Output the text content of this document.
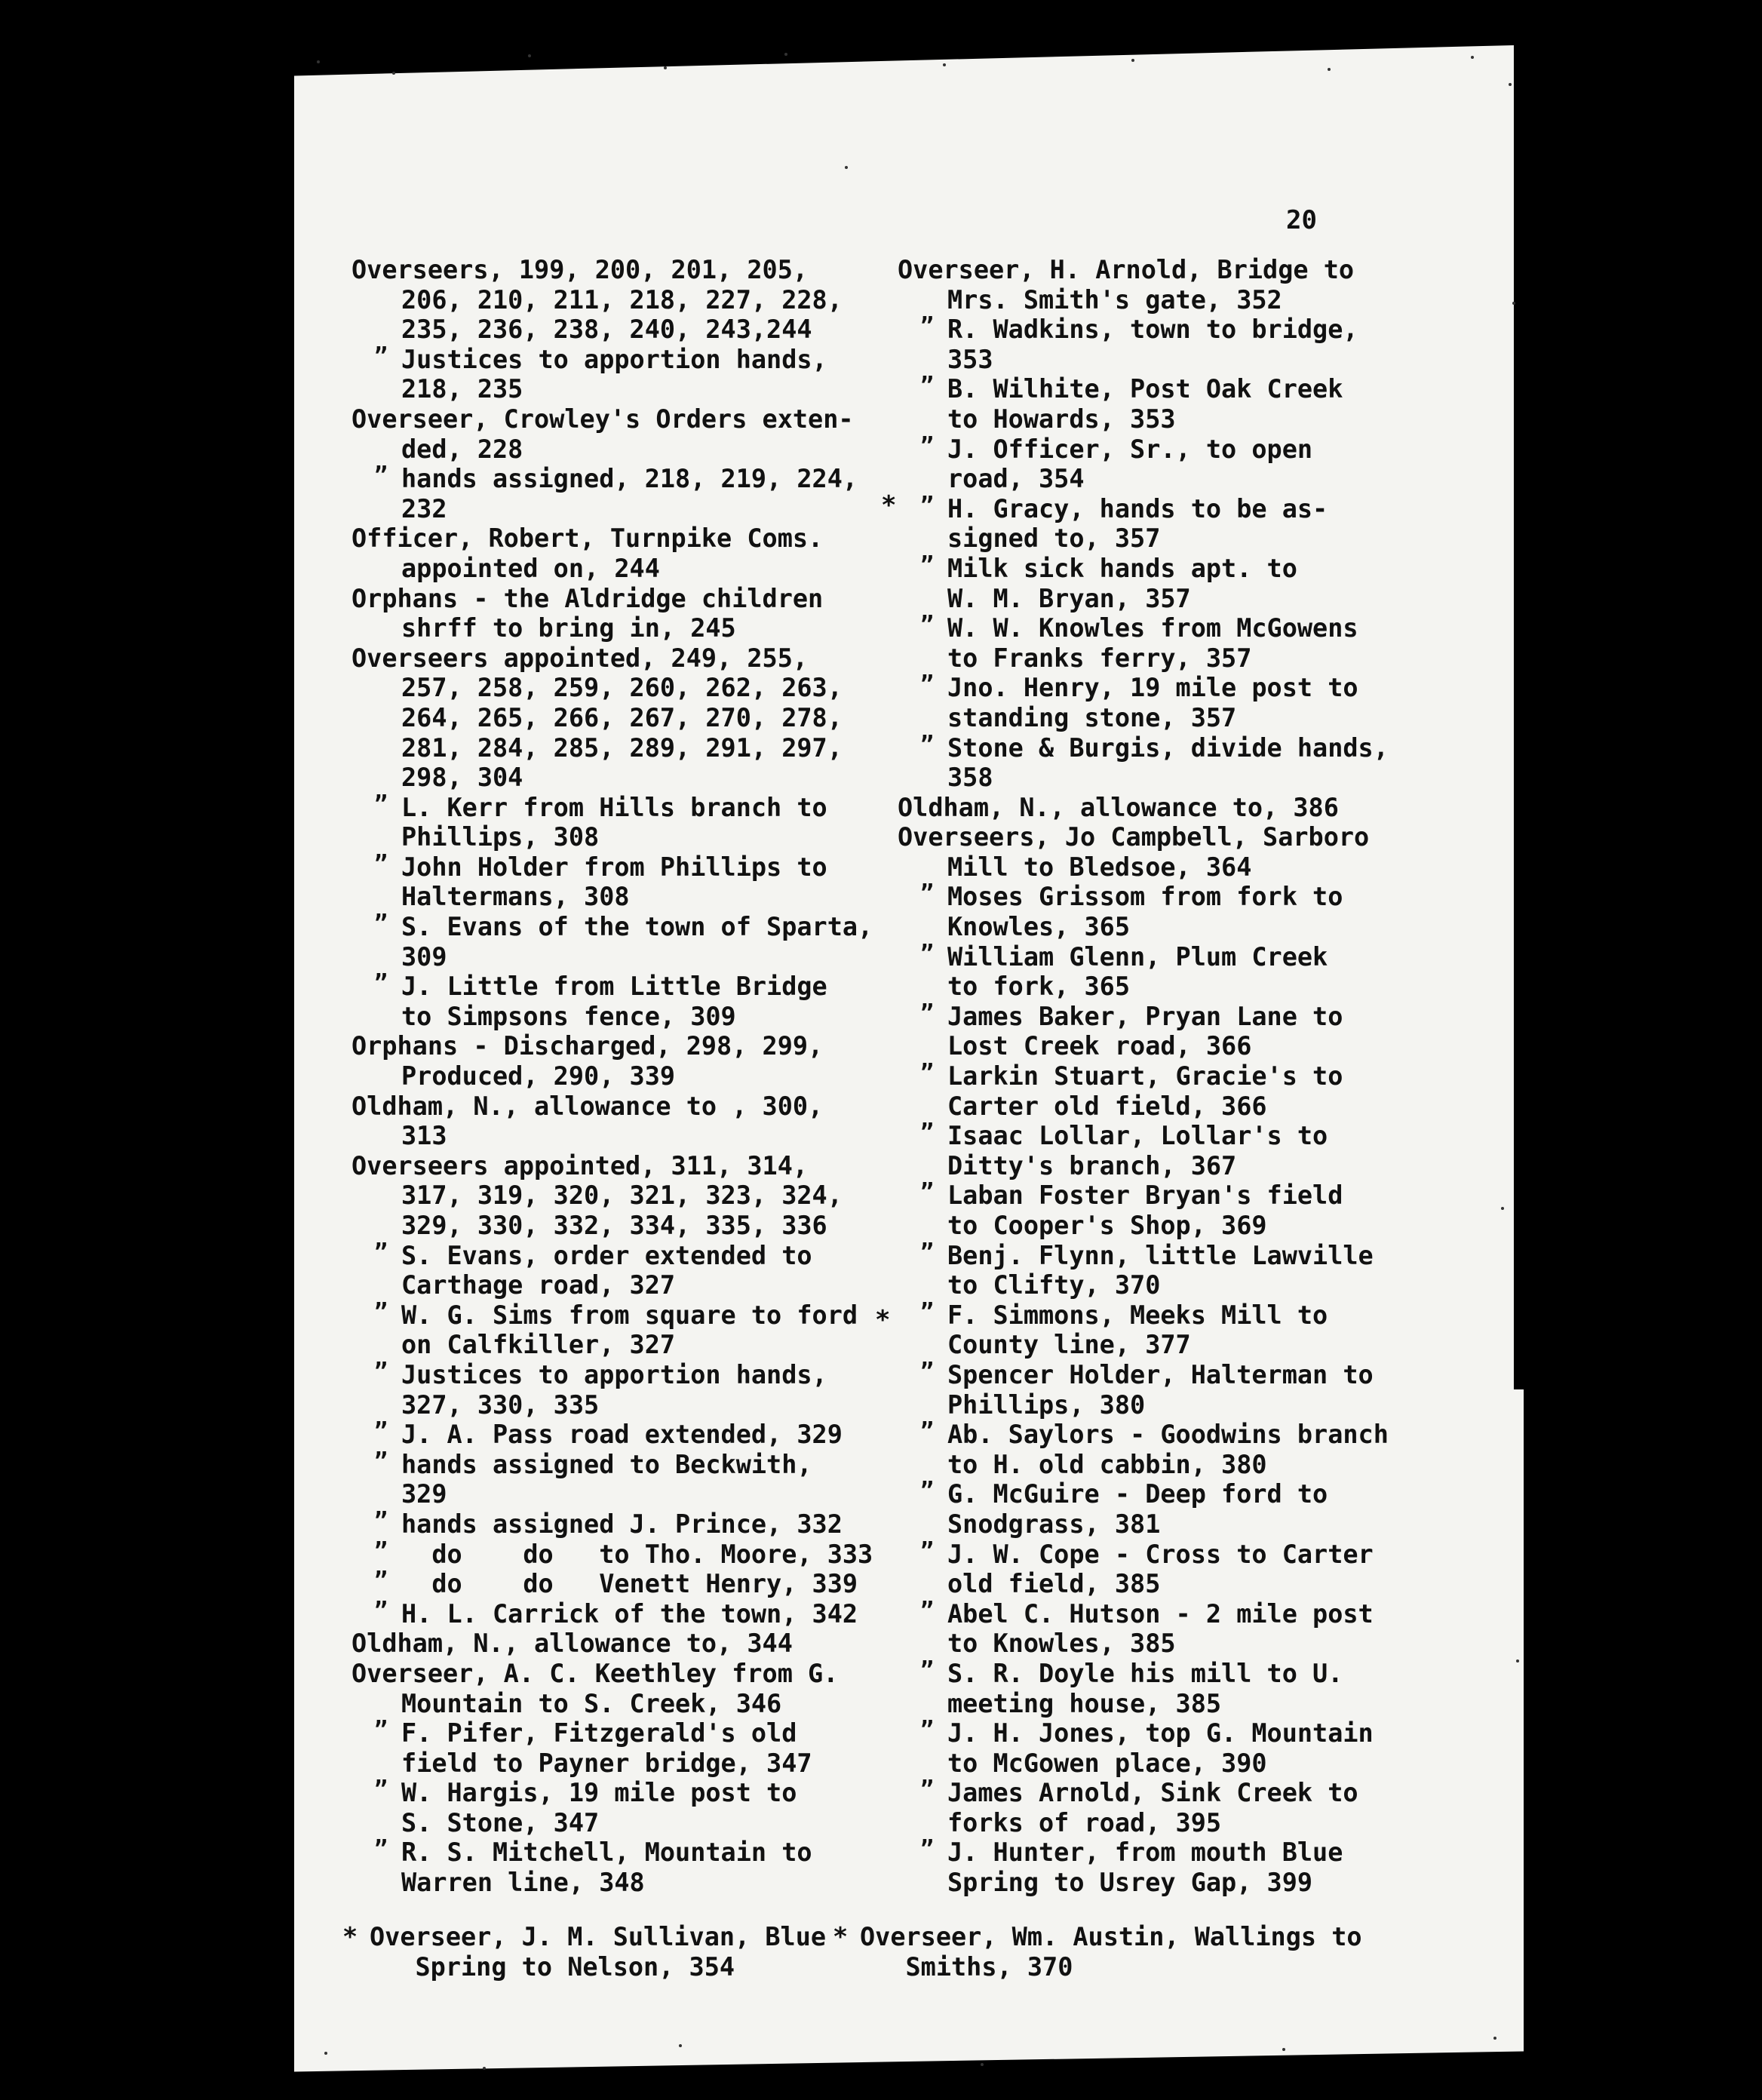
20
Overseers, 199, 200, 201, 205,
206, 210, 211, 218, 227, 228,
235, 236, 238, 240, 243,244
” Justices to apportion hands,
218, 235
Overseer, Crowley's Orders exten-
ded, 228
” hands assigned, 218, 219, 224,
232
Officer, Robert, Turnpike Coms.
appointed on, 244
Orphans - the Aldridge children
shrff to bring in, 245
Overseers appointed, 249, 255,
257, 258, 259, 260, 262, 263,
264, 265, 266, 267, 270, 278,
281, 284, 285, 289, 291, 297,
298, 304
” L. Kerr from Hills branch to
Phillips, 308
” John Holder from Phillips to
Haltermans, 308
” S. Evans of the town of Sparta,
309
” J. Little from Little Bridge
to Simpsons fence, 309
Orphans - Discharged, 298, 299,
Produced, 290, 339
Oldham, N., allowance to , 300,
313
Overseers appointed, 311, 314,
317, 319, 320, 321, 323, 324,
329, 330, 332, 334, 335, 336
” S. Evans, order extended to
Carthage road, 327
” W. G. Sims from square to ford
on Calfkiller, 327
” Justices to apportion hands,
327, 330, 335
” J. A. Pass road extended, 329
” hands assigned to Beckwith,
329
” hands assigned J. Prince, 332
”   do    do   to Tho. Moore, 333
”   do    do   Venett Henry, 339
” H. L. Carrick of the town, 342
Oldham, N., allowance to, 344
Overseer, A. C. Keethley from G.
Mountain to S. Creek, 346
” F. Pifer, Fitzgerald's old
field to Payner bridge, 347
” W. Hargis, 19 mile post to
S. Stone, 347
” R. S. Mitchell, Mountain to
Warren line, 348
Overseer, H. Arnold, Bridge to
Mrs. Smith's gate, 352
” R. Wadkins, town to bridge,
353
” B. Wilhite, Post Oak Creek
to Howards, 353
” J. Officer, Sr., to open
road, 354
” H. Gracy, hands to be as-
signed to, 357
” Milk sick hands apt. to
W. M. Bryan, 357
” W. W. Knowles from McGowens
to Franks ferry, 357
” Jno. Henry, 19 mile post to
standing stone, 357
” Stone & Burgis, divide hands,
358
Oldham, N., allowance to, 386
Overseers, Jo Campbell, Sarboro
Mill to Bledsoe, 364
” Moses Grissom from fork to
Knowles, 365
” William Glenn, Plum Creek
to fork, 365
” James Baker, Pryan Lane to
Lost Creek road, 366
” Larkin Stuart, Gracie's to
Carter old field, 366
” Isaac Lollar, Lollar's to
Ditty's branch, 367
” Laban Foster Bryan's field
to Cooper's Shop, 369
” Benj. Flynn, little Lawville
to Clifty, 370
” F. Simmons, Meeks Mill to
County line, 377
” Spencer Holder, Halterman to
Phillips, 380
” Ab. Saylors - Goodwins branch
to H. old cabbin, 380
” G. McGuire - Deep ford to
Snodgrass, 381
” J. W. Cope - Cross to Carter
old field, 385
” Abel C. Hutson - 2 mile post
to Knowles, 385
” S. R. Doyle his mill to U.
meeting house, 385
” J. H. Jones, top G. Mountain
to McGowen place, 390
” James Arnold, Sink Creek to
forks of road, 395
” J. Hunter, from mouth Blue
Spring to Usrey Gap, 399
*
*
* Overseer, J. M. Sullivan, Blue
Spring to Nelson, 354
* Overseer, Wm. Austin, Wallings to
Smiths, 370
